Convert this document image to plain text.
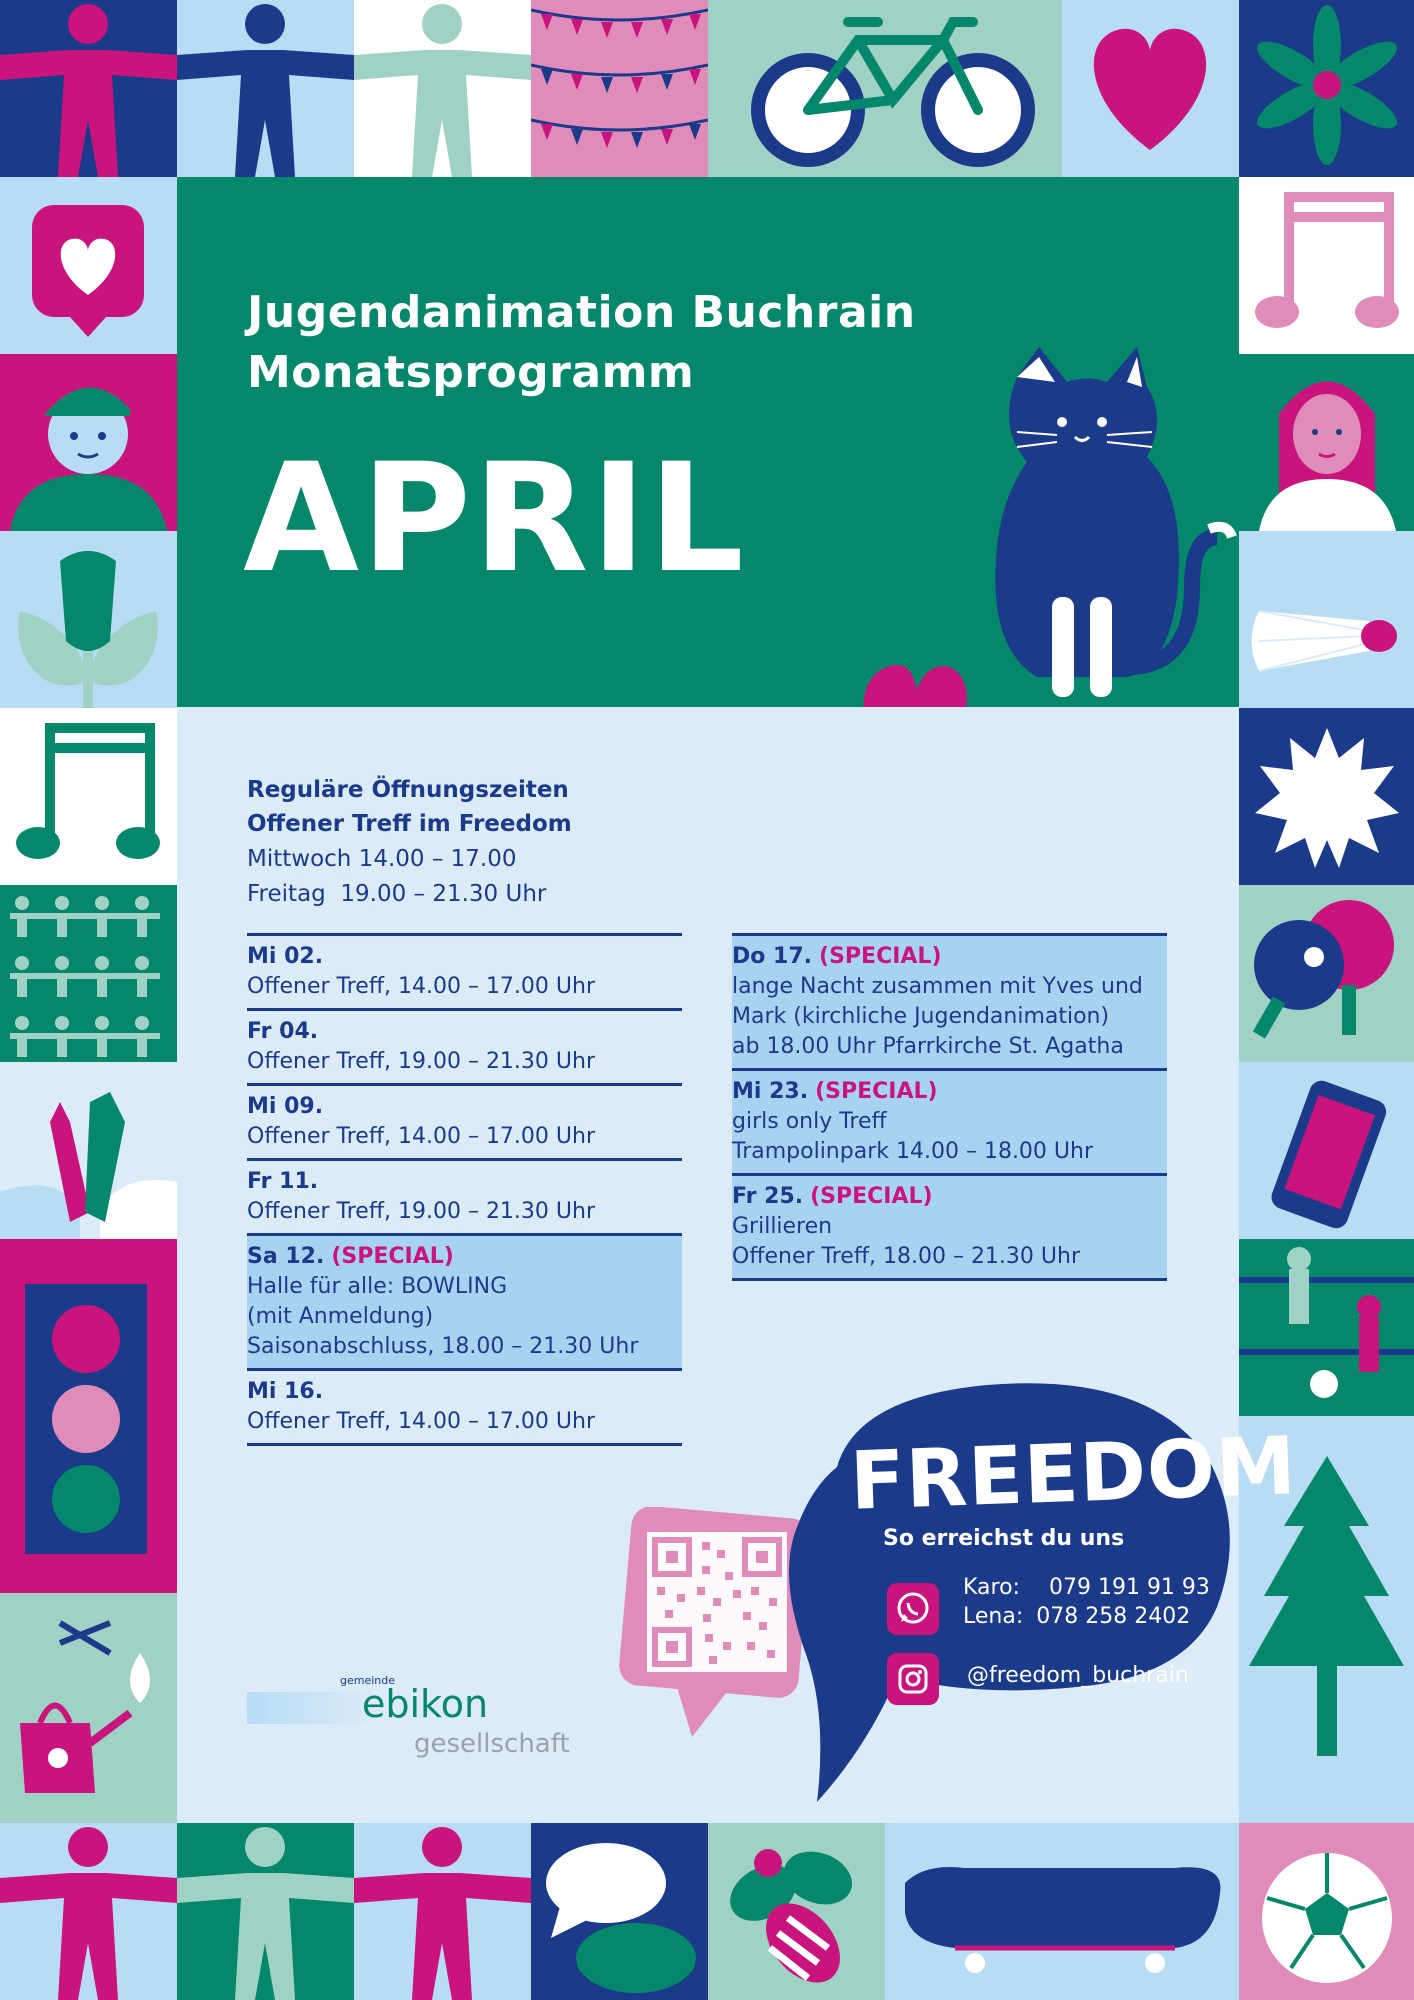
Jugendanimation Buchrain
Monatsprogramm
APRIL
Reguläre Öffnungszeiten
Offener Treff im Freedom
Mittwoch 14.00 – 17.00
Freitag  19.00 – 21.30 Uhr
Mi 02.
Offener Treff, 14.00 – 17.00 Uhr
Fr 04.
Offener Treff, 19.00 – 21.30 Uhr
Mi 09.
Offener Treff, 14.00 – 17.00 Uhr
Fr 11.
Offener Treff, 19.00 – 21.30 Uhr
Sa 12. (SPECIAL)
Halle für alle: BOWLING
(mit Anmeldung)
Saisonabschluss, 18.00 – 21.30 Uhr
Mi 16.
Offener Treff, 14.00 – 17.00 Uhr
Do 17. (SPECIAL)
lange Nacht zusammen mit Yves und
Mark (kirchliche Jugendanimation)
ab 18.00 Uhr Pfarrkirche St. Agatha
Mi 23. (SPECIAL)
girls only Treff
Trampolinpark 14.00 – 18.00 Uhr
Fr 25. (SPECIAL)
Grillieren
Offener Treff, 18.00 – 21.30 Uhr
FREEDOM
So erreichst du uns
Karo: 079 191 91 93
Lena: 078 258 2402
@freedom_buchrain
gemeinde
ebikon
gesellschaft
